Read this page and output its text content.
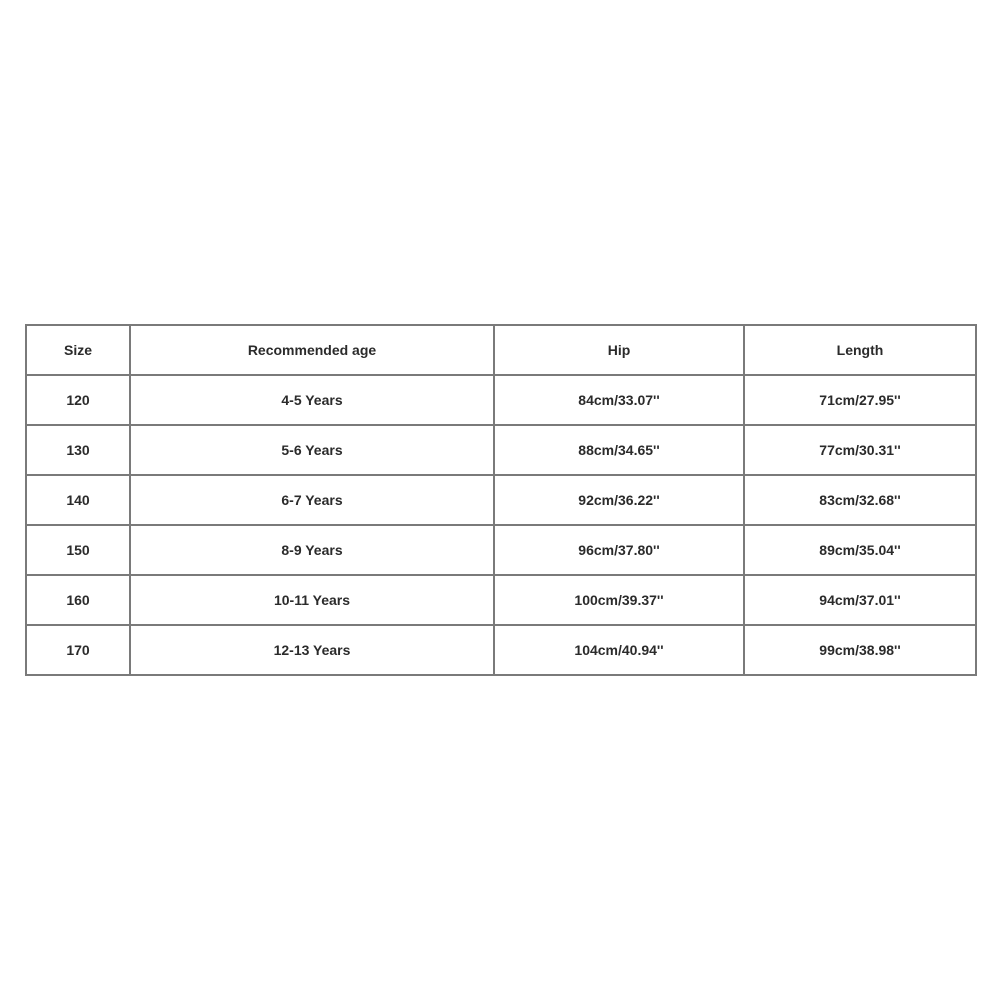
Size	Recommended age	Hip	Length
120	4-5 Years	84cm/33.07''	71cm/27.95''
130	5-6 Years	88cm/34.65''	77cm/30.31''
140	6-7 Years	92cm/36.22''	83cm/32.68''
150	8-9 Years	96cm/37.80''	89cm/35.04''
160	10-11 Years	100cm/39.37''	94cm/37.01''
170	12-13 Years	104cm/40.94''	99cm/38.98''
